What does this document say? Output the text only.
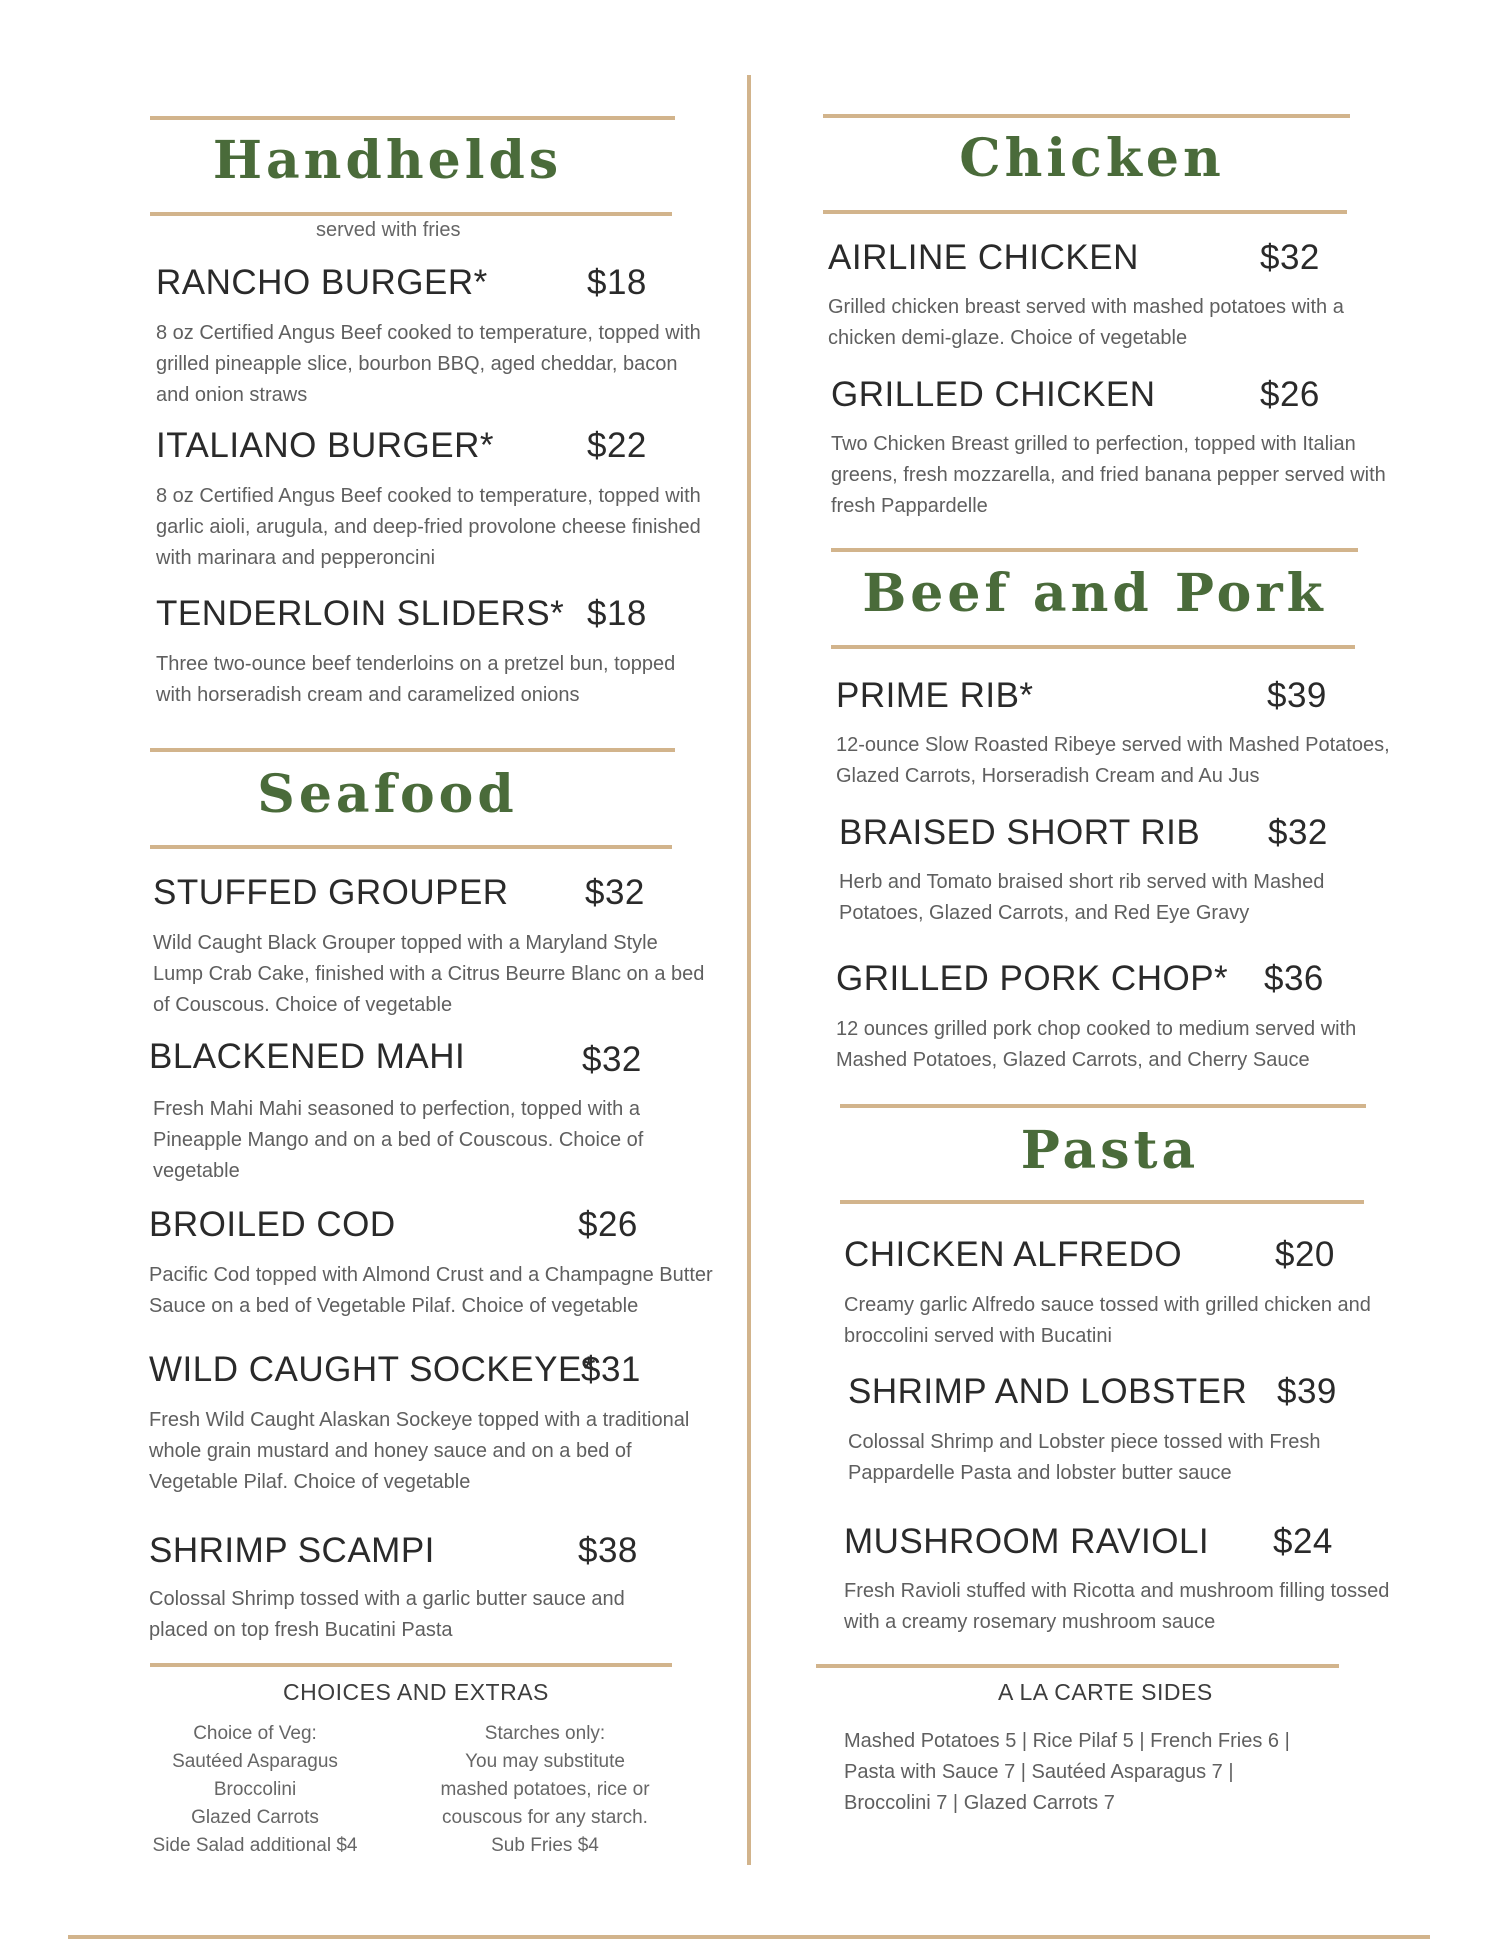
Handhelds
served with fries
RANCHO BURGER*	$18
8 oz Certified Angus Beef cooked to temperature, topped with grilled pineapple slice, bourbon BBQ, aged cheddar, bacon and onion straws
ITALIANO BURGER*	$22
8 oz Certified Angus Beef cooked to temperature, topped with garlic aioli, arugula, and deep-fried provolone cheese finished with marinara and pepperoncini
TENDERLOIN SLIDERS* $18
Three two-ounce beef tenderloins on a pretzel bun, topped with horseradish cream and caramelized onions
Seafood
STUFFED GROUPER $32
Wild Caught Black Grouper topped with a Maryland Style Lump Crab Cake, finished with a Citrus Beurre Blanc on a bed of Couscous. Choice of vegetable
BLACKENED MAHI	$32
Fresh Mahi Mahi seasoned to perfection, topped with a Pineapple Mango and on a bed of Couscous. Choice of vegetable
BROILED COD	$26
Pacific Cod topped with Almond Crust and a Champagne Butter Sauce on a bed of Vegetable Pilaf. Choice of vegetable
WILD CAUGHT SOCKEYE*
$31
Fresh Wild Caught Alaskan Sockeye topped with a traditional whole grain mustard and honey sauce and on a bed of Vegetable Pilaf. Choice of vegetable
SHRIMP SCAMPI	$38
Colossal Shrimp tossed with a garlic butter sauce and placed on top fresh Bucatini Pasta
CHOICES AND EXTRAS
Choice of Veg:
Sautéed Asparagus
Broccolini
Glazed Carrots
Side Salad additional $4
Starches only:
You may substitute
mashed potatoes, rice or
couscous for any starch.
Sub Fries $4
Chicken
AIRLINE CHICKEN	$32
Grilled chicken breast served with mashed potatoes with a chicken demi-glaze. Choice of vegetable
GRILLED CHICKEN	$26
Two Chicken Breast grilled to perfection, topped with Italian greens, fresh mozzarella, and fried banana pepper served with fresh Pappardelle
Beef and Pork
PRIME RIB*	$39
12-ounce Slow Roasted Ribeye served with Mashed Potatoes, Glazed Carrots, Horseradish Cream and Au Jus
BRAISED SHORT RIB $32
Herb and Tomato braised short rib served with Mashed Potatoes, Glazed Carrots, and Red Eye Gravy
GRILLED PORK CHOP* $36
12 ounces grilled pork chop cooked to medium served with Mashed Potatoes, Glazed Carrots, and Cherry Sauce
Pasta
CHICKEN ALFREDO	$20
Creamy garlic Alfredo sauce tossed with grilled chicken and broccolini served with Bucatini
SHRIMP AND LOBSTER $39
Colossal Shrimp and Lobster piece tossed with Fresh Pappardelle Pasta and lobster butter sauce
MUSHROOM RAVIOLI $24
Fresh Ravioli stuffed with Ricotta and mushroom filling tossed with a creamy rosemary mushroom sauce
A LA CARTE SIDES
Mashed Potatoes 5 | Rice Pilaf 5 | French Fries 6 |
Pasta with Sauce 7 | Sautéed Asparagus 7 |
Broccolini 7 | Glazed Carrots 7
